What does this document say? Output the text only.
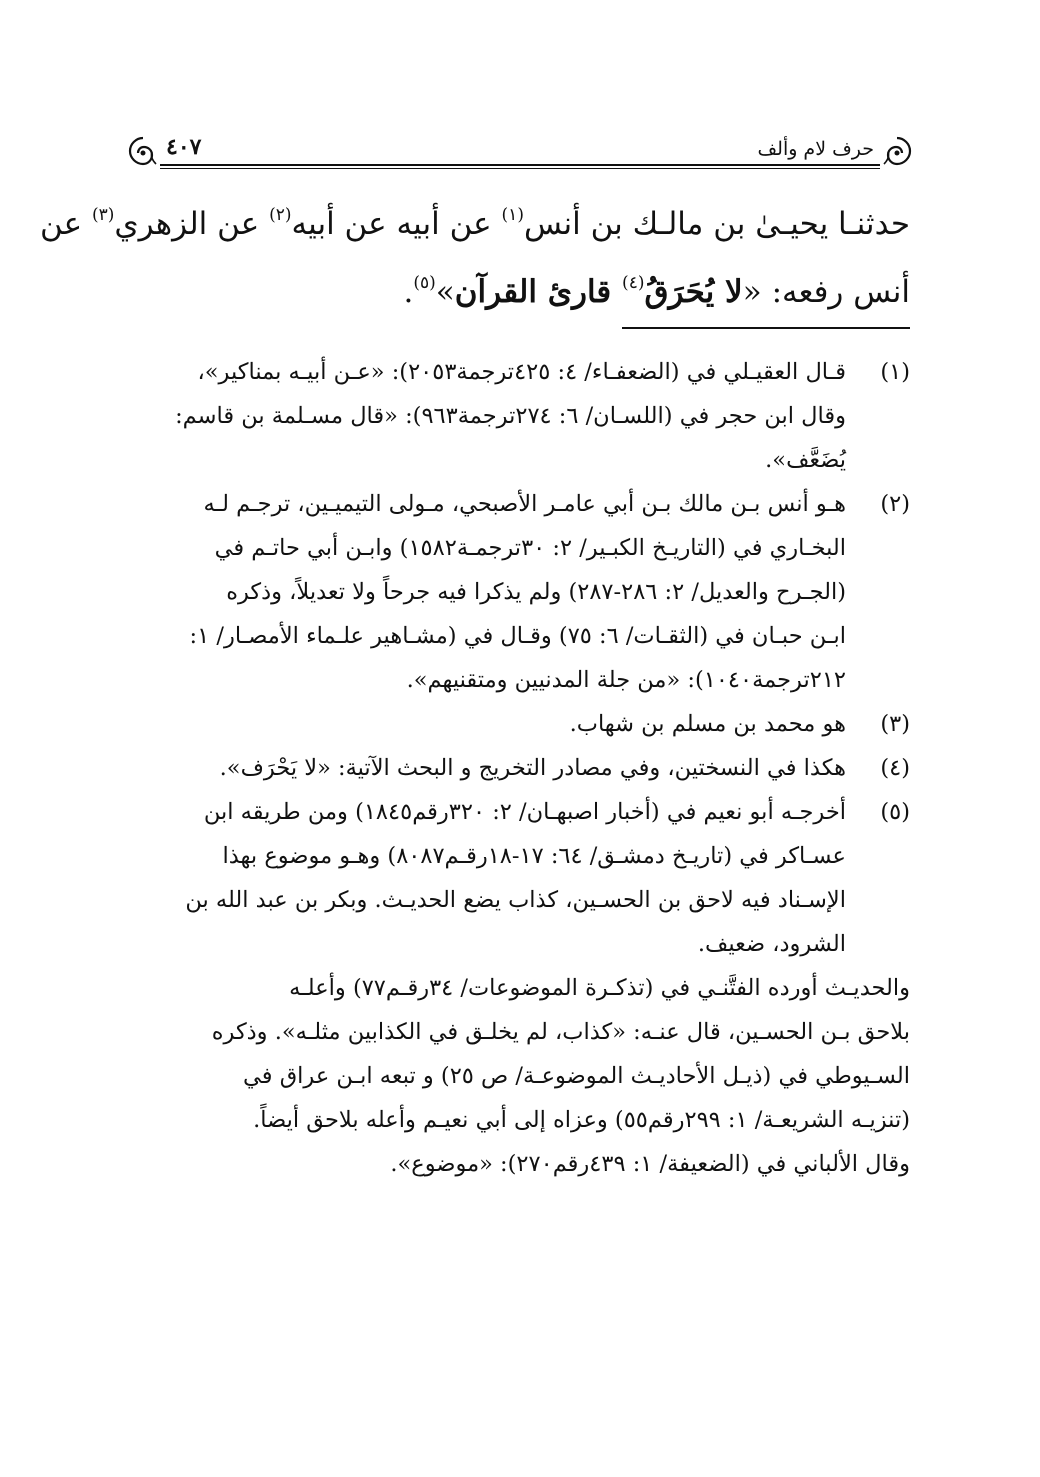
حرف لام وألف
٤٠٧
حدثنـا يحيـىٰ بن مالـك بن أنس$^{(١)}$ عن أبيه عن أبيه$^{(٢)}$ عن الزهري$^{(٣)}$ عن
أنس رفعه: «لا يُحَرَقُ$^{(٤)}$ قارئ القرآن»$^{(٥)}$.
(١)
قـال العقيـلي في (الضعفـاء/ ٤: ٤٢٥ترجمة٢٠٥٣): «عـن أبيـه بمناكير»،
وقال ابن حجر في (اللسـان/ ٦: ٢٧٤ترجمة٩٦٣): «قال مسـلمة بن قاسم:
يُضَعَّف».
(٢)
هـو أنس بـن مالك بـن أبي عامـر الأصبحي، مـولى التيميـين، ترجـم لـه
البخـاري في (التاريـخ الكبـير/ ٢: ٣٠ترجمـة١٥٨٢) وابـن أبي حاتـم في
(الجـرح والعديل/ ٢: ٢٨٦-٢٨٧) ولم يذكرا فيه جرحاً ولا تعديلاً، وذكره
ابـن حبـان في (الثقـات/ ٦: ٧٥) وقـال في (مشـاهير علـماء الأمصـار/ ١:
٢١٢ترجمة١٠٤٠): «من جلة المدنيين ومتقنيهم».
(٣)
هو محمد بن مسلم بن شهاب.
(٤)
هكذا في النسختين، وفي مصادر التخريج و البحث الآتية: «لا يَحْرَف».
(٥)
أخرجـه أبو نعيم في (أخبار اصبهـان/ ٢: ٣٢٠رقم١٨٤٥) ومن طريقه ابن
عسـاكر في (تاريـخ دمشـق/ ٦٤: ١٧-١٨رقـم٨٠٨٧) وهـو موضوع بهذا
الإسـناد فيه لاحق بن الحسـين، كذاب يضع الحديـث. وبكر بن عبد الله بن
الشرود، ضعيف.
والحديـث أورده الفتَّنـي في (تذكـرة الموضوعات/ ٣٤رقـم٧٧) وأعلـه
بلاحق بـن الحسـين، قال عنـه: «كذاب، لم يخلـق في الكذابين مثلـه». وذكره
السـيوطي في (ذيـل الأحاديـث الموضوعـة/ ص ٢٥) و تبعه ابـن عراق في
(تنزيـه الشريعـة/ ١: ٢٩٩رقم٥٥) وعزاه إلى أبي نعيـم وأعله بلاحق أيضاً.
وقال الألباني في (الضعيفة/ ١: ٤٣٩رقم٢٧٠): «موضوع».
